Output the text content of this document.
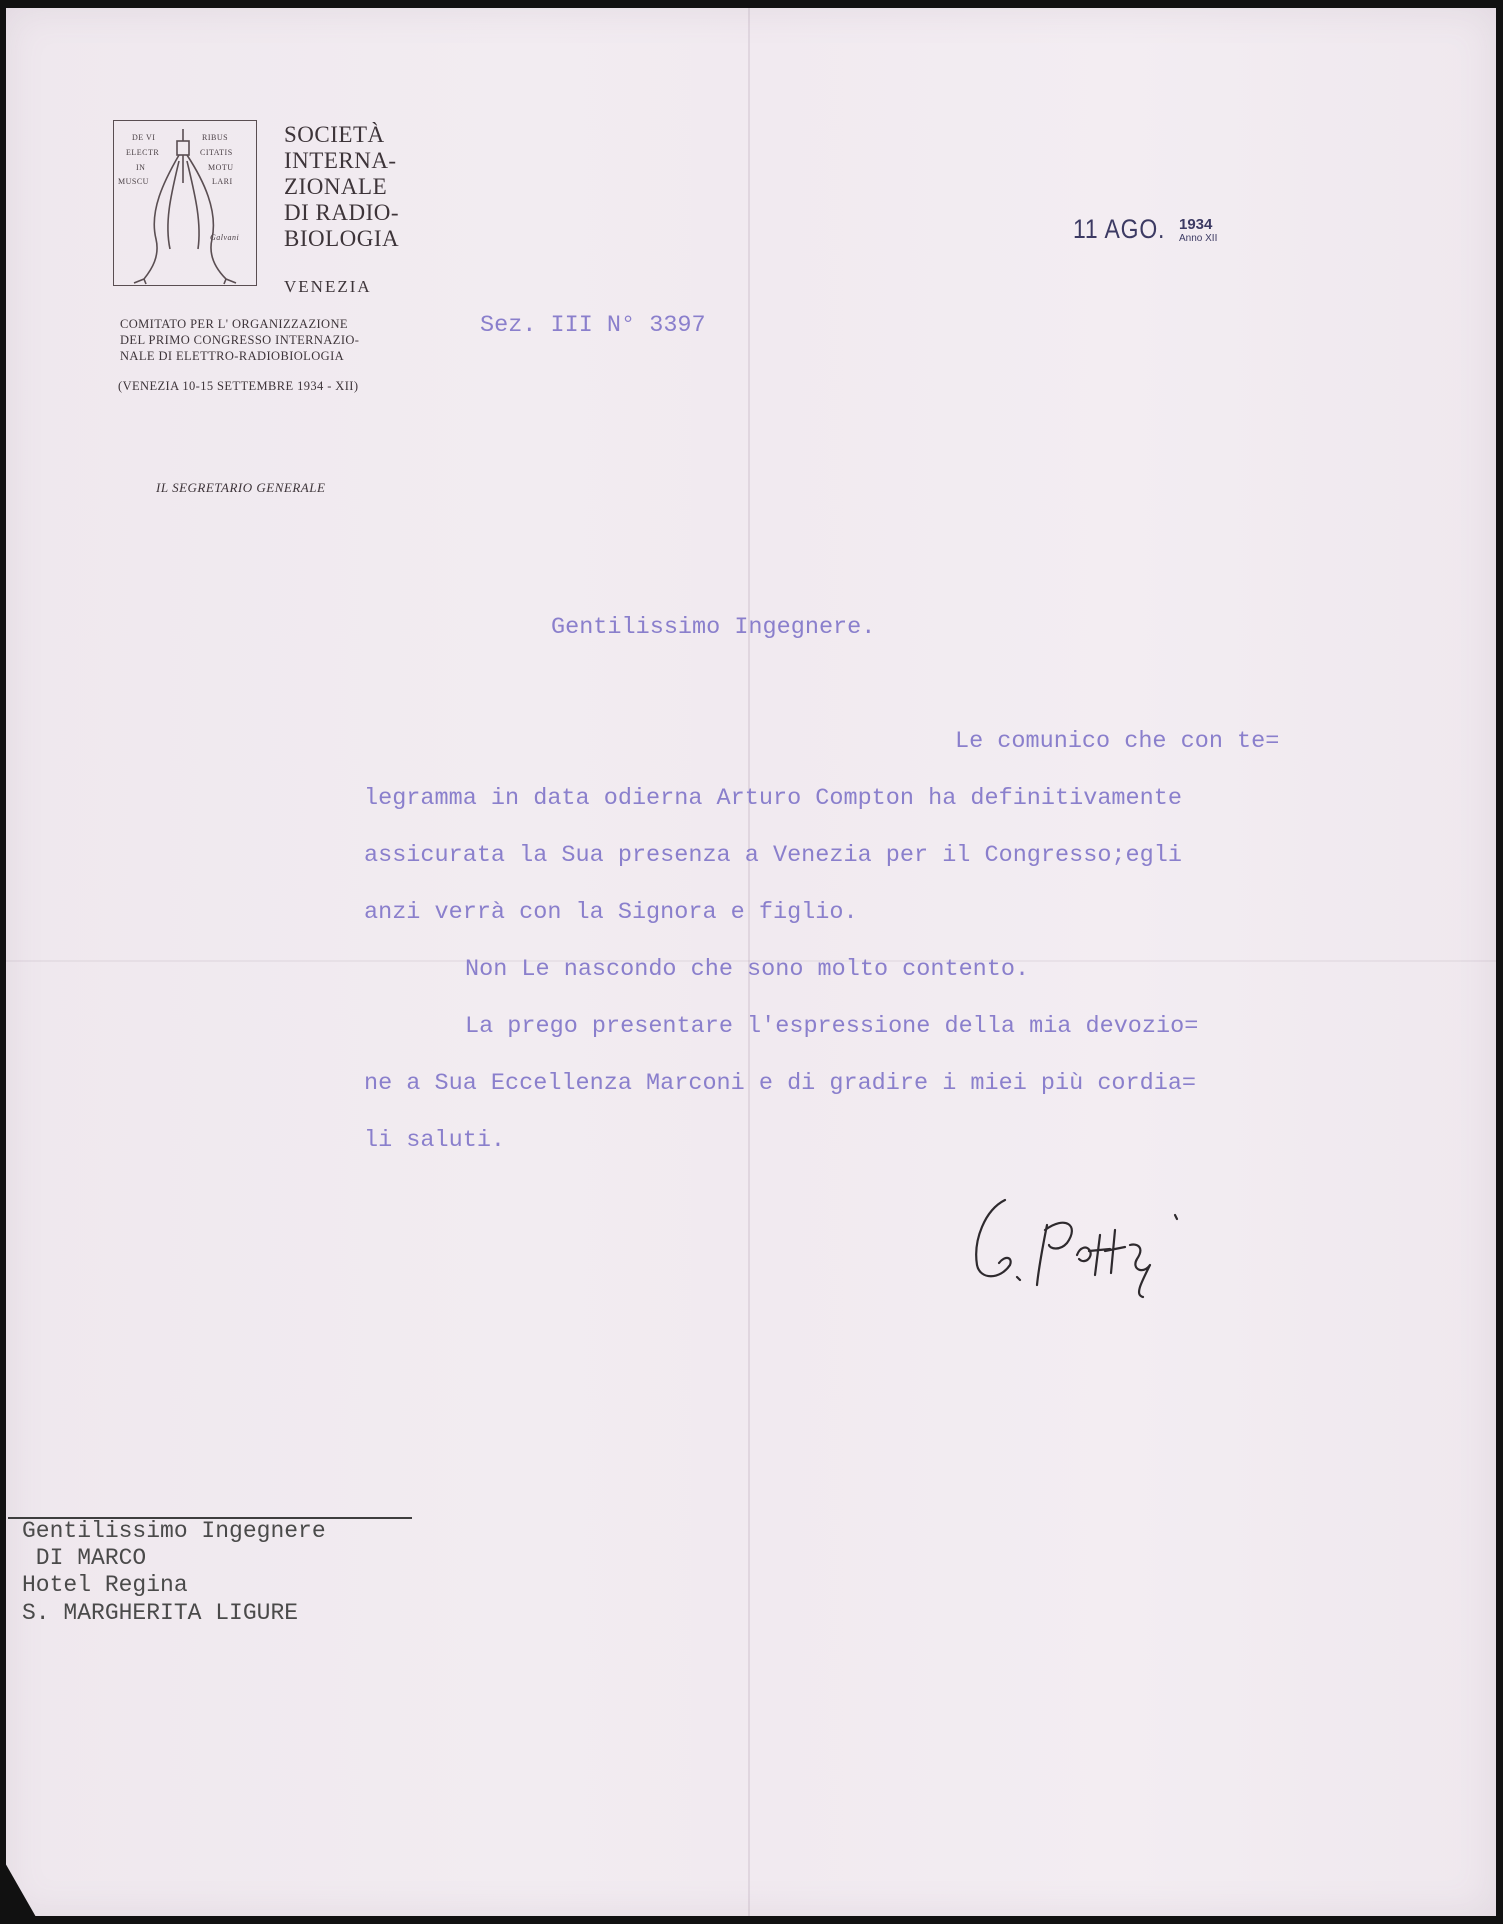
DE VI	RIBUS
ELECTR	CITATIS
IN	MOTU
MUSCU	LARI
Galvani
SOCIETÀ
INTERNA-
ZIONALE
DI RADIO-
BIOLOGIA
VENEZIA
COMITATO PER L' ORGANIZZAZIONE
DEL PRIMO CONGRESSO INTERNAZIO-
NALE DI ELETTRO-RADIOBIOLOGIA
(VENEZIA 10-15 SETTEMBRE 1934 - XII)
IL SEGRETARIO GENERALE
11 AGO. 1934
Anno XII
Sez. III N° 3397
Gentilissimo Ingegnere.
Le comunico che con te=
legramma in data odierna Arturo Compton ha definitivamente
assicurata la Sua presenza a Venezia per il Congresso;egli
anzi verrà con la Signora e figlio.
Non Le nascondo che sono molto contento.
La prego presentare l'espressione della mia devozio=
ne a Sua Eccellenza Marconi e di gradire i miei più cordia=
li saluti.
Gentilissimo Ingegnere
DI MARCO
Hotel Regina
S. MARGHERITA LIGURE
